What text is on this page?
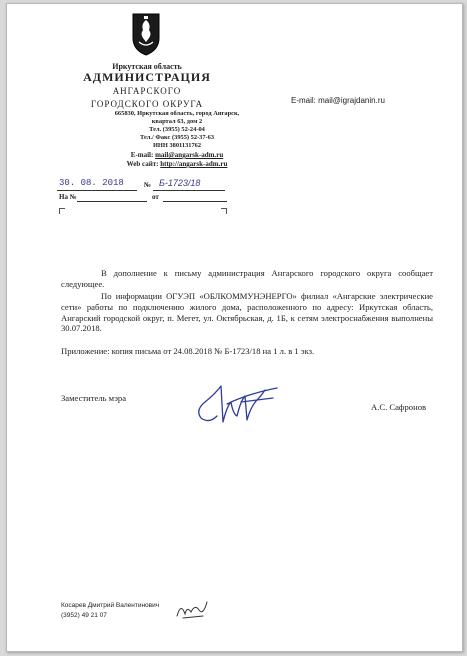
Иркутская область
АДМИНИСТРАЦИЯ
АНГАРСКОГО
ГОРОДСКОГО ОКРУГА
665830, Иркутская область, город Ангарск,
квартал 63, дом 2
Тел. (3955) 52-24-04
Тел./ Факс (3955) 52-37-63
ИНН 3801131762
E-mail: mail@angarsk-adm.ru
Web сайт: http://angarsk-adm.ru
E-mail: mail@igrajdanin.ru
30. 08. 2018	№ Б-1723/18
На №	от
В дополнение к письму администрация Ангарского городского округа сообщает следующее.
По информации ОГУЭП «ОБЛКОММУНЭНЕРГО» филиал «Ангарские электрические сети» работы по подключению жилого дома, расположенного по адресу: Иркутская область, Ангарский городской округ, п. Мегет, ул. Октябрьская, д. 1Б, к сетям электроснабжения выполнены 30.07.2018.
Приложение: копия письма от 24.08.2018 № Б-1723/18 на 1 л. в 1 экз.
Заместитель мэра
А.С. Сафронов
Косарев Дмитрий Валентинович
(3952) 49 21 07
